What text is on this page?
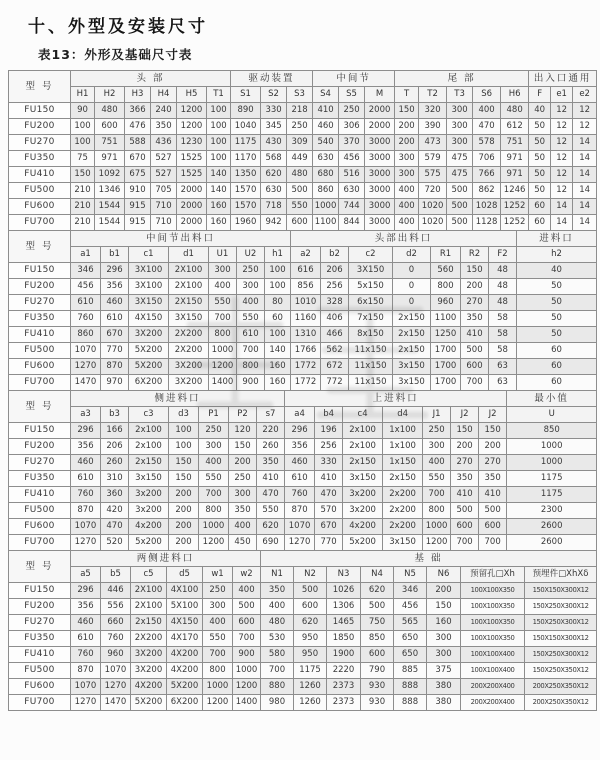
十、外型及安装尺寸
表13：外形及基础尺寸表
型 号	头 部						驱动装置			中间节			尾 部					出入口通用		
	H1	H2	H3	H4	H5	T1	S1	S2	S3	S4	S5	M	T	T2	T3	S6	H6	F	e1	e2
FU150	90	480	366	240	1200	100	890	330	218	410	250	2000	150	320	300	400	480	40	12	12
FU200	100	600	476	350	1200	100	1040	345	250	460	306	2000	200	390	300	470	612	50	12	12
FU270	100	751	588	436	1230	100	1175	430	309	540	370	3000	200	473	300	578	751	50	12	14
FU350	75	971	670	527	1525	100	1170	568	449	630	456	3000	300	579	475	706	971	50	12	14
FU410	150	1092	675	527	1525	140	1350	620	480	680	516	3000	300	575	475	766	971	50	12	14
FU500	210	1346	910	705	2000	140	1570	630	500	860	630	3000	400	720	500	862	1246	50	12	14
FU600	210	1544	915	710	2000	160	1570	718	550	1000	744	3000	400	1020	500	1028	1252	60	14	14
FU700	210	1544	915	710	2000	160	1960	942	600	1100	844	3000	400	1020	500	1128	1252	60	14	14
型 号	中间节出料口							头部出料口							进料口
	a1	b1	c1	d1	U1	U2	h1	a2	b2	c2	d2	R1	R2	F2	h2
FU150	346	296	3X100	2X100	300	250	100	616	206	3X150	0	560	150	48	40
FU200	456	356	3X100	2X100	400	300	100	856	256	5x150	0	800	200	48	50
FU270	610	460	3X150	2X150	550	400	80	1010	328	6x150	0	960	270	48	50
FU350	760	610	4X150	3X150	700	550	60	1160	406	7x150	2x150	1100	350	58	50
FU410	860	670	3X200	2X200	800	610	100	1310	466	8x150	2x150	1250	410	58	50
FU500	1070	770	5X200	2X200	1000	700	140	1766	562	11x150	2x150	1700	500	58	60
FU600	1270	870	5X200	3X200	1200	800	160	1772	672	11x150	3x150	1700	600	63	60
FU700	1470	970	6X200	3X200	1400	900	160	1772	772	11x150	3x150	1700	700	63	60
型 号	侧进料口							上进料口							最小值
	a3	b3	c3	d3	P1	P2	s7	a4	b4	c4	d4	J1	J2	J2	U
FU150	296	166	2x100	100	250	120	220	296	196	2x100	1x100	250	150	150	850
FU200	356	206	2x100	100	300	150	260	356	256	2x100	1x100	300	200	200	1000
FU270	460	260	2x150	150	400	200	350	460	330	2x150	1x150	400	270	270	1000
FU350	610	310	3x150	150	550	250	410	610	410	3x150	2x150	550	350	350	1175
FU410	760	360	3x200	200	700	300	470	760	470	3x200	2x200	700	410	410	1175
FU500	870	420	3x200	200	800	350	550	870	570	3x200	2x200	800	500	500	2300
FU600	1070	470	4x200	200	1000	400	620	1070	670	4x200	2x200	1000	600	600	2600
FU700	1270	520	5x200	200	1200	450	690	1270	770	5x200	3x150	1200	700	700	2600
型 号	两侧进料口						基 础							
	a5	b5	c5	d5	w1	w2	N1	N2	N3	N4	N5	N6	预留孔□Xh	预埋件□XhXδ
FU150	296	446	2X100	4X100	250	400	350	500	1026	620	346	200	100X100X350	150X150X300X12
FU200	356	556	2X100	5X100	300	500	400	600	1306	500	456	150	100X100X350	150X250X300X12
FU270	460	660	2x150	4X150	400	600	480	620	1465	750	565	160	100X100X350	150X250X300X12
FU350	610	760	2X200	4X170	550	700	530	950	1850	850	650	300	100X100X350	150X150X300X12
FU410	760	960	3X200	4X200	700	900	580	950	1900	600	650	300	100X100X400	150X250X300X12
FU500	870	1070	3X200	4X200	800	1000	700	1175	2220	790	885	375	100X100X400	150X250X350X12
FU600	1070	1270	4X200	5X200	1000	1200	880	1260	2373	930	888	380	200X200X400	200X250X350X12
FU700	1270	1470	5X200	6X200	1200	1400	980	1260	2373	930	888	380	200X200X400	200X250X350X12
